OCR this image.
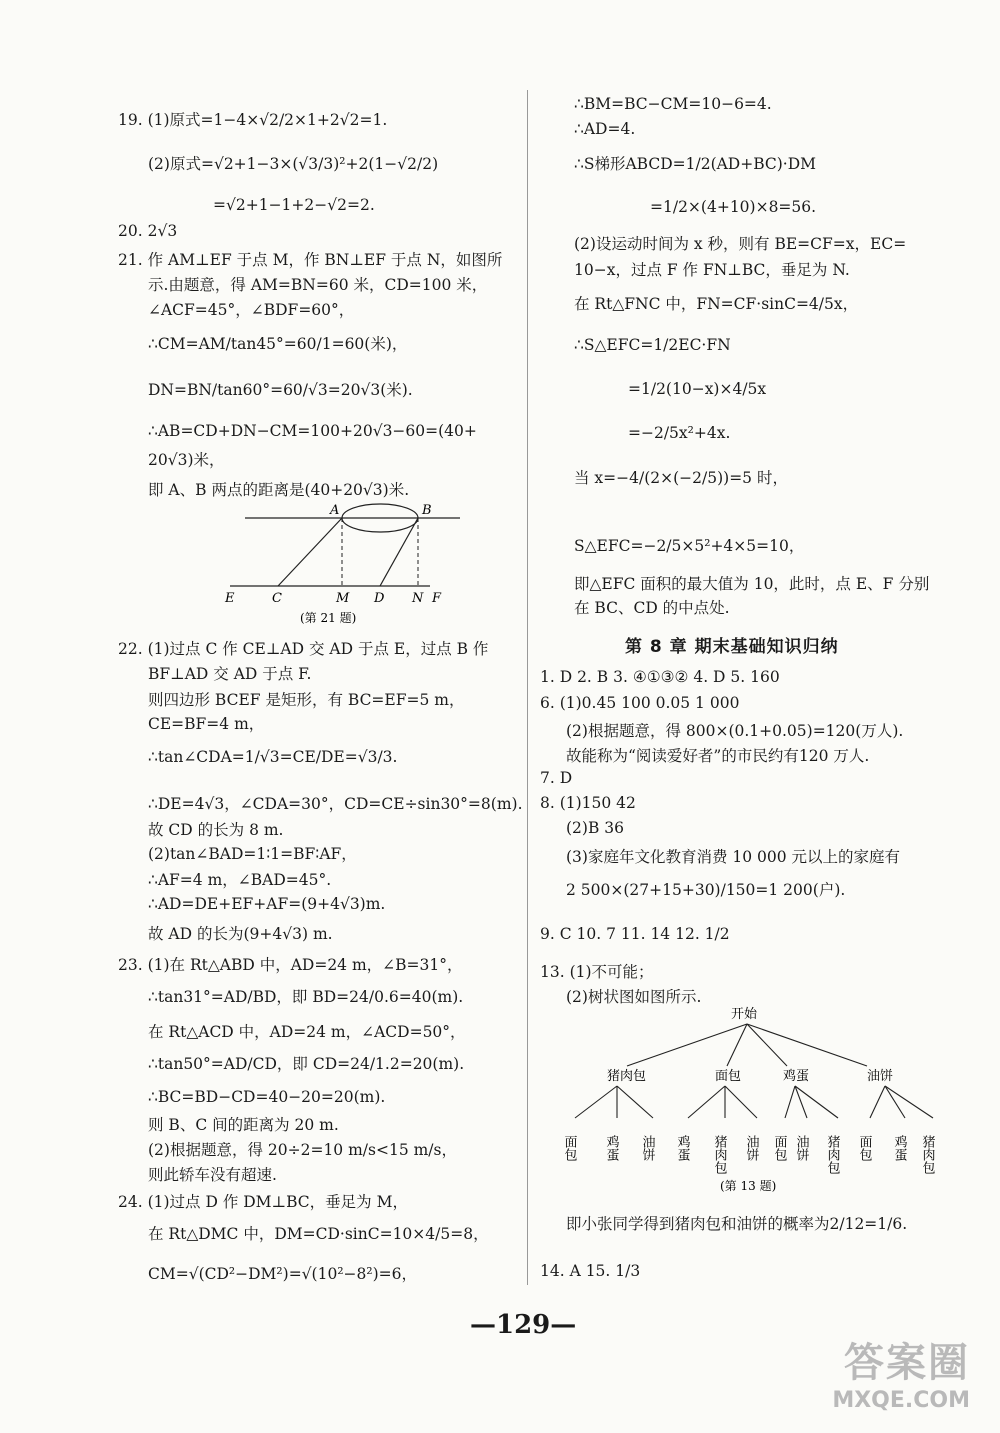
19. (1)原式=1−4×√2/2×1+2√2=1.
(2)原式=√2+1−3×(√3/3)²+2(1−√2/2)
=√2+1−1+2−√2=2.
20. 2√3
21. 作 AM⊥EF 于点 M，作 BN⊥EF 于点 N，如图所
示.由题意，得 AM=BN=60 米，CD=100 米，
∠ACF=45°，∠BDF=60°，
∴CM=AM/tan45°=60/1=60(米)，
DN=BN/tan60°=60/√3=20√3(米).
∴AB=CD+DN−CM=100+20√3−60=(40+
20√3)米，
即 A、B 两点的距离是(40+20√3)米.
22. (1)过点 C 作 CE⊥AD 交 AD 于点 E，过点 B 作
BF⊥AD 交 AD 于点 F.
则四边形 BCEF 是矩形，有 BC=EF=5 m，
CE=BF=4 m，
∴tan∠CDA=1/√3=CE/DE=√3/3.
∴DE=4√3，∠CDA=30°，CD=CE÷sin30°=8(m).
故 CD 的长为 8 m.
(2)tan∠BAD=1∶1=BF∶AF，
∴AF=4 m，∠BAD=45°.
∴AD=DE+EF+AF=(9+4√3)m.
故 AD 的长为(9+4√3) m.
23. (1)在 Rt△ABD 中，AD=24 m，∠B=31°，
∴tan31°=AD/BD，即 BD=24/0.6=40(m).
在 Rt△ACD 中，AD=24 m，∠ACD=50°，
∴tan50°=AD/CD，即 CD=24/1.2=20(m).
∴BC=BD−CD=40−20=20(m).
则 B、C 间的距离为 20 m.
(2)根据题意，得 20÷2=10 m/s<15 m/s，
则此轿车没有超速.
24. (1)过点 D 作 DM⊥BC，垂足为 M，
在 Rt△DMC 中，DM=CD·sinC=10×4/5=8，
CM=√(CD²−DM²)=√(10²−8²)=6，
∴BM=BC−CM=10−6=4.
∴AD=4.
∴S梯形ABCD=1/2(AD+BC)·DM
=1/2×(4+10)×8=56.
(2)设运动时间为 x 秒，则有 BE=CF=x，EC=
10−x，过点 F 作 FN⊥BC，垂足为 N.
在 Rt△FNC 中，FN=CF·sinC=4/5x，
∴S△EFC=1/2EC·FN
=1/2(10−x)×4/5x
=−2/5x²+4x.
当 x=−4/(2×(−2/5))=5 时，
S△EFC=−2/5×5²+4×5=10，
即△EFC 面积的最大值为 10，此时，点 E、F 分别
在 BC、CD 的中点处.
1. D 2. B 3. ④①③② 4. D 5. 160
6. (1)0.45 100 0.05 1 000
(2)根据题意，得 800×(0.1+0.05)=120(万人).
故能称为“阅读爱好者”的市民约有120 万人.
7. D
8. (1)150 42
(2)B 36
(3)家庭年文化教育消费 10 000 元以上的家庭有
2 500×(27+15+30)/150=1 200(户).
9. C 10. 7 11. 14 12. 1/2
13. (1)不可能；
(2)树状图如图所示.
即小张同学得到猪肉包和油饼的概率为2/12=1/6.
14. A 15. 1/3
第 8 章 期末基础知识归纳
A	B
E	C	M D N F
(第 21 题)
开始
猪肉包	面包	鸡蛋	油饼
面包 鸡蛋 油饼 鸡蛋 猪肉包 油饼 面包 油饼 猪肉包 面包 鸡蛋 猪肉包
(第 13 题)
—129—
答案圈
MXQE.COM
